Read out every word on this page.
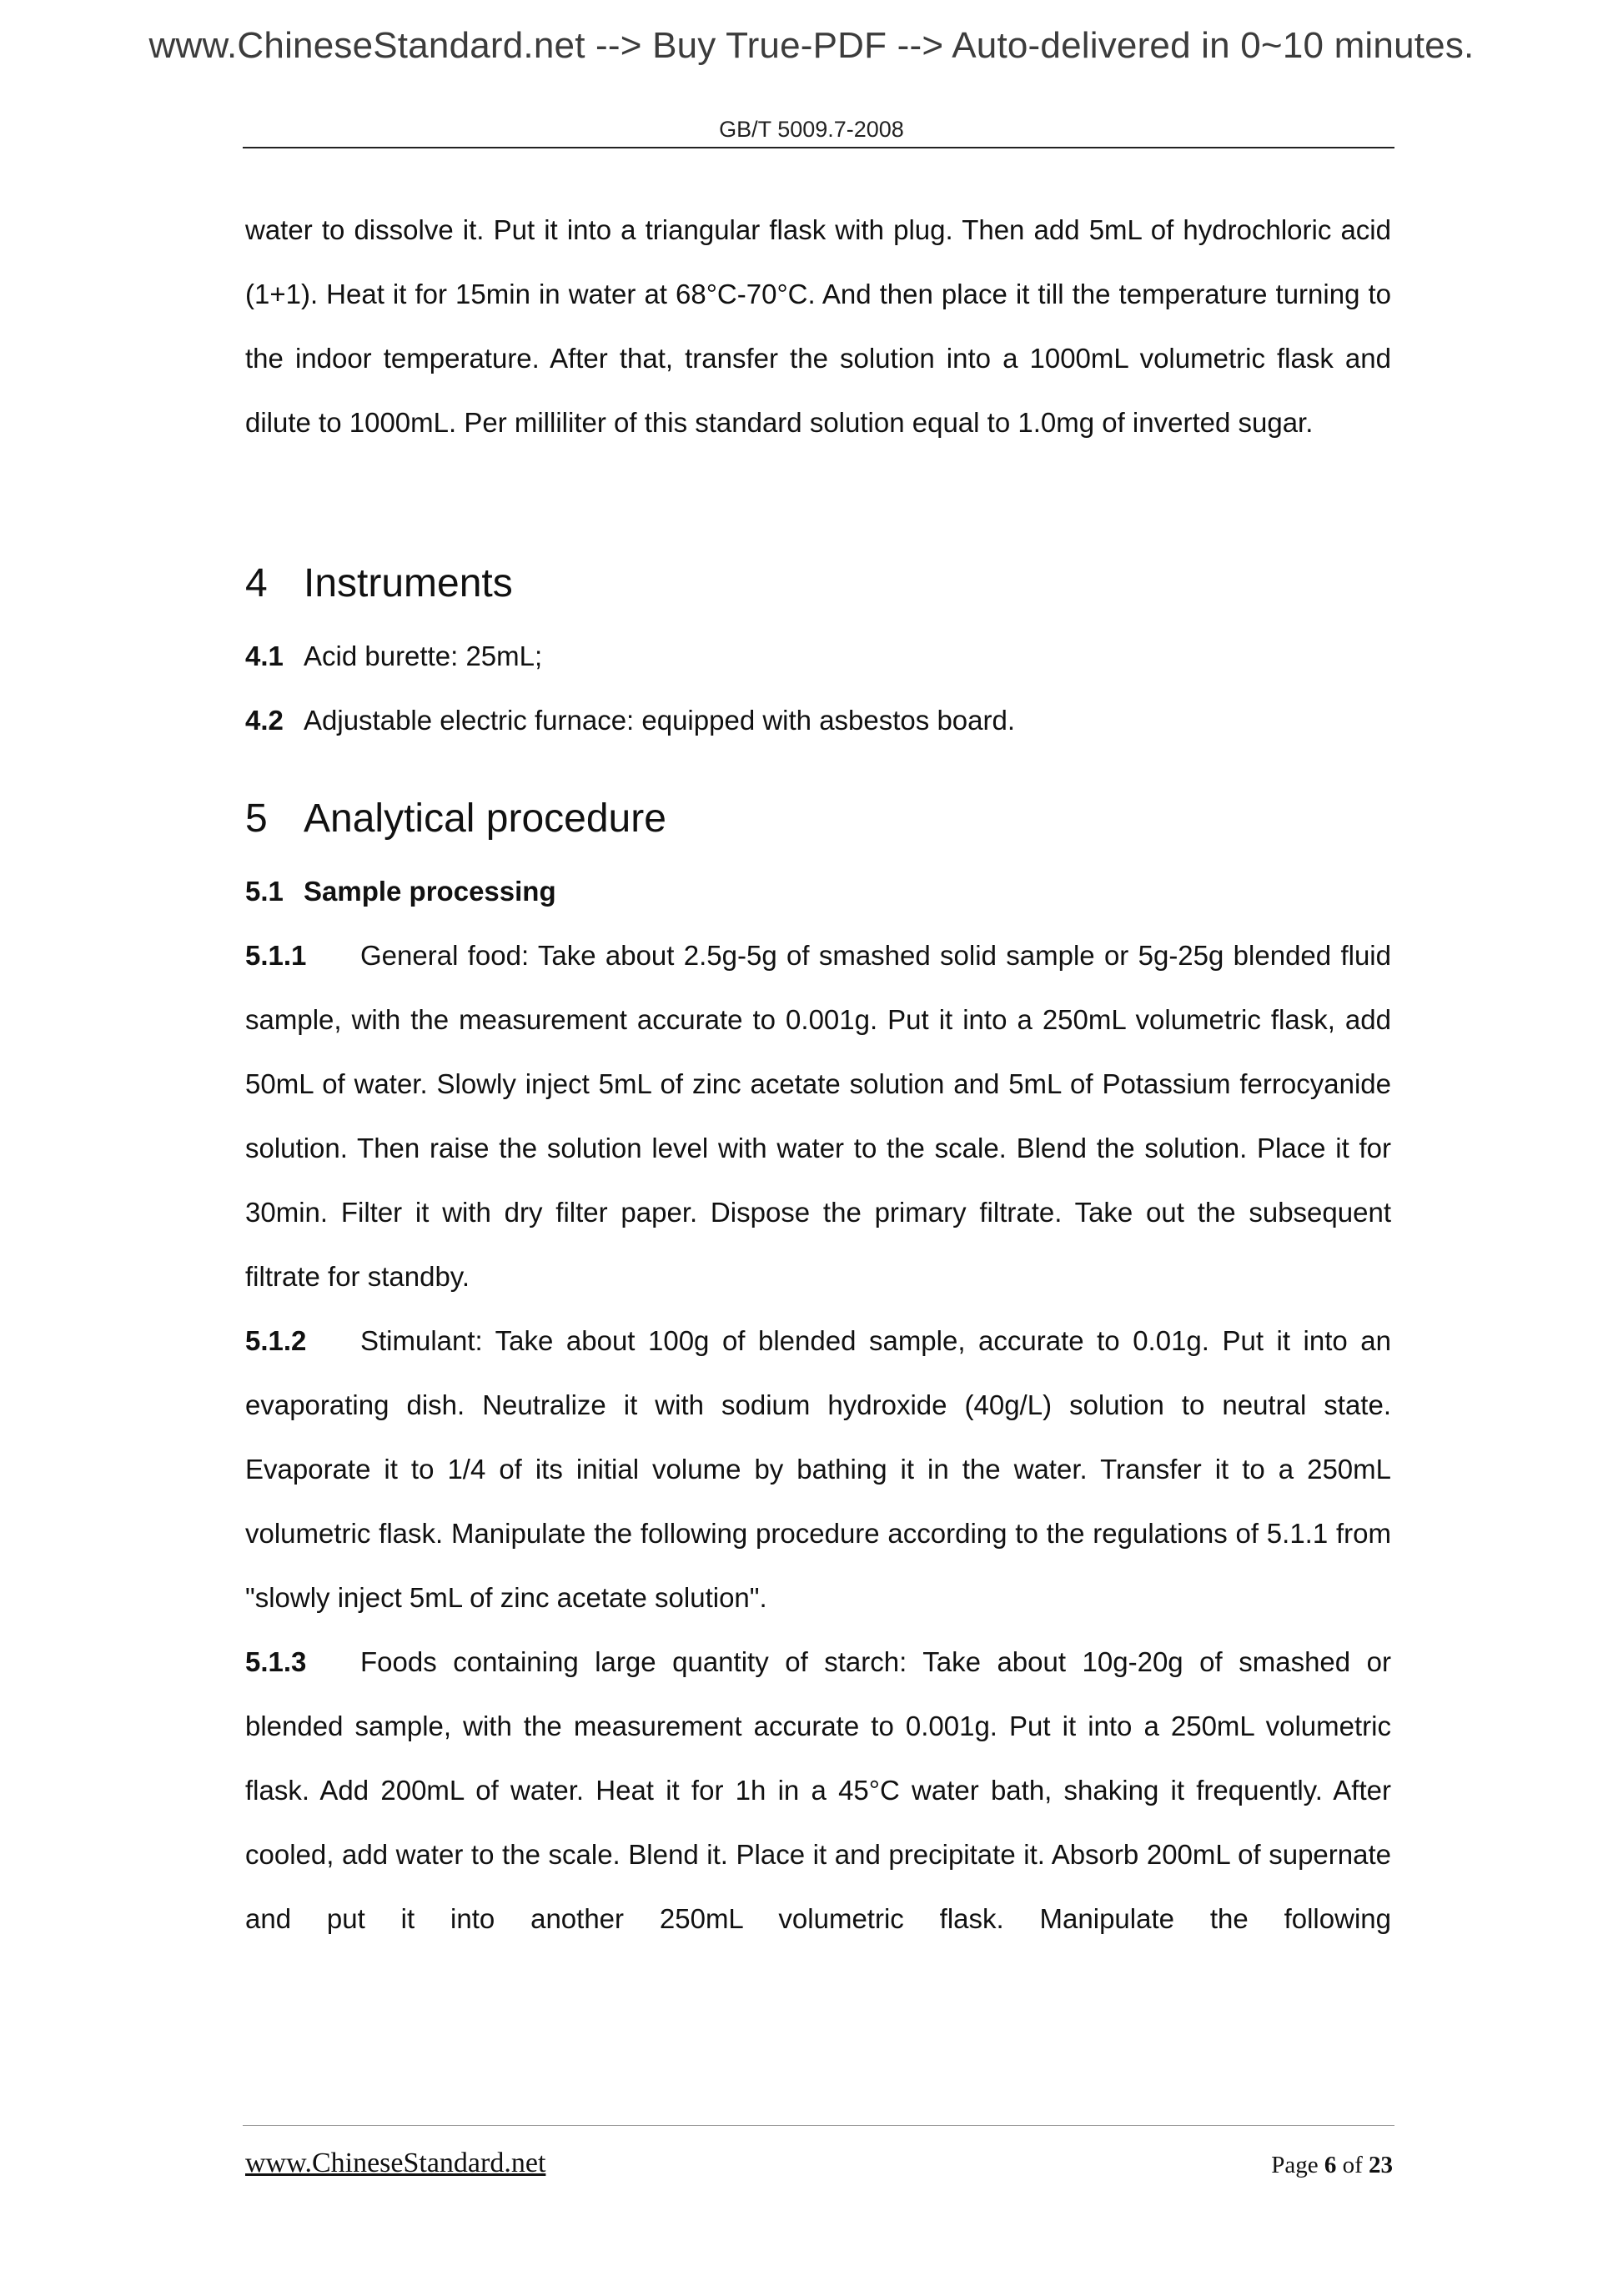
www.ChineseStandard.net --> Buy True-PDF --> Auto-delivered in 0~10 minutes.
GB/T 5009.7-2008

water to dissolve it. Put it into a triangular flask with plug. Then add 5mL of hydrochloric acid (1+1). Heat it for 15min in water at 68°C-70°C. And then place it till the temperature turning to the indoor temperature. After that, transfer the solution into a 1000mL volumetric flask and dilute to 1000mL. Per milliliter of this standard solution equal to 1.0mg of inverted sugar.

4 Instruments

4.1 Acid burette: 25mL;

4.2 Adjustable electric furnace: equipped with asbestos board.

5 Analytical procedure

5.1 Sample processing

5.1.1 General food: Take about 2.5g-5g of smashed solid sample or 5g-25g blended fluid sample, with the measurement accurate to 0.001g. Put it into a 250mL volumetric flask, add 50mL of water. Slowly inject 5mL of zinc acetate solution and 5mL of Potassium ferrocyanide solution. Then raise the solution level with water to the scale. Blend the solution. Place it for 30min. Filter it with dry filter paper. Dispose the primary filtrate. Take out the subsequent filtrate for standby.

5.1.2 Stimulant: Take about 100g of blended sample, accurate to 0.01g. Put it into an evaporating dish. Neutralize it with sodium hydroxide (40g/L) solution to neutral state. Evaporate it to 1/4 of its initial volume by bathing it in the water. Transfer it to a 250mL volumetric flask. Manipulate the following procedure according to the regulations of 5.1.1 from "slowly inject 5mL of zinc acetate solution".

5.1.3 Foods containing large quantity of starch: Take about 10g-20g of smashed or blended sample, with the measurement accurate to 0.001g. Put it into a 250mL volumetric flask. Add 200mL of water. Heat it for 1h in a 45°C water bath, shaking it frequently. After cooled, add water to the scale. Blend it. Place it and precipitate it. Absorb 200mL of supernate and put it into another 250mL volumetric flask. Manipulate the following

www.ChineseStandard.net	Page 6 of 23
